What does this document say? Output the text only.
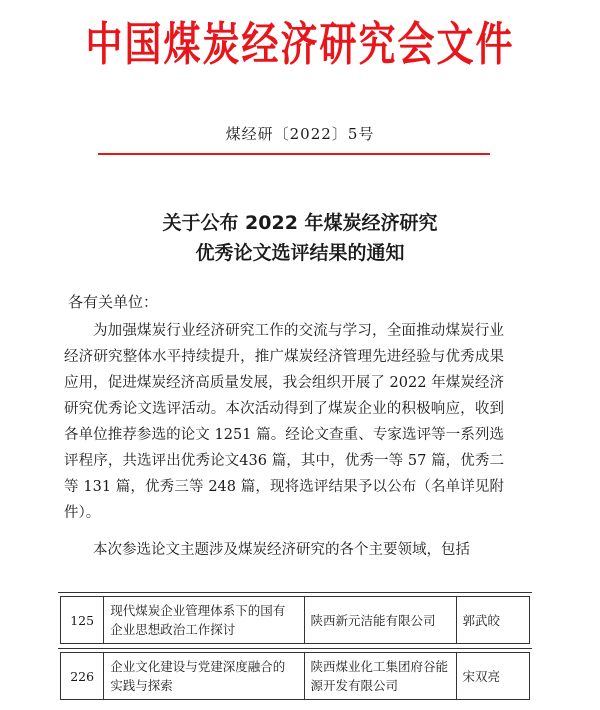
中国煤炭经济研究会文件
煤经研〔2022〕5号
关于公布 2022 年煤炭经济研究
优秀论文选评结果的通知
各有关单位：
为加强煤炭行业经济研究工作的交流与学习，全面推动煤炭行业经济研究整体水平持续提升，推广煤炭经济管理先进经验与优秀成果应用，促进煤炭经济高质量发展，我会组织开展了 2022 年煤炭经济研究优秀论文选评活动。本次活动得到了煤炭企业的积极响应，收到各单位推荐参选的论文 1251 篇。经论文查重、专家选评等一系列选评程序，共选评出优秀论文436 篇，其中，优秀一等 57 篇，优秀二等 131 篇，优秀三等 248 篇，现将选评结果予以公布（名单详见附件）。
本次参选论文主题涉及煤炭经济研究的各个主要领域，包括
125	现代煤炭企业管理体系下的国有企业思想政治工作探讨	陕西新元洁能有限公司	郭武皎
226	企业文化建设与党建深度融合的实践与探索	陕西煤业化工集团府谷能源开发有限公司	宋双亮
